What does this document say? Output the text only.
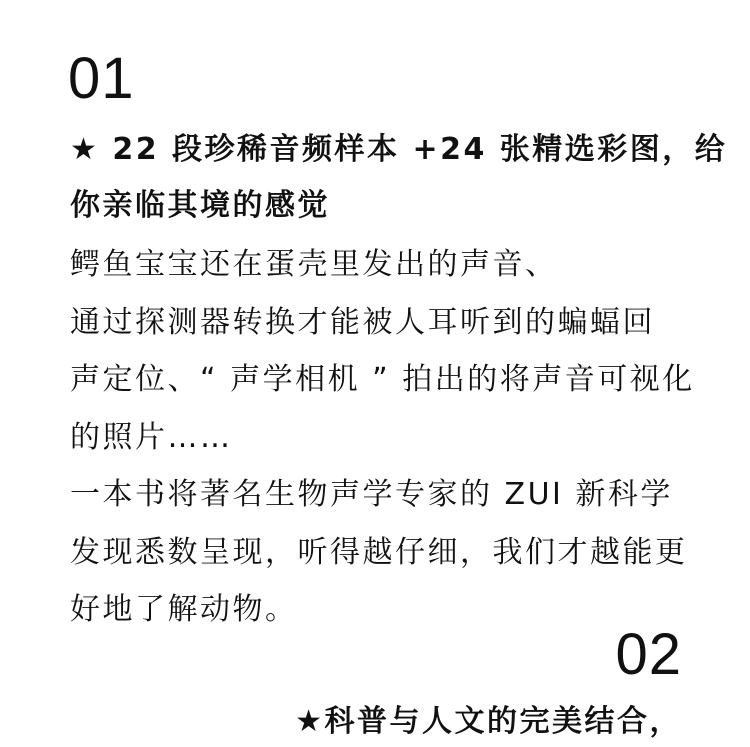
01
★ 22 段珍稀音频样本 +24 张精选彩图，给
你亲临其境的感觉
鳄鱼宝宝还在蛋壳里发出的声音、
通过探测器转换才能被人耳听到的蝙蝠回
声定位、“ 声学相机 ” 拍出的将声音可视化
的照片……
一本书将著名生物声学专家的 ZUI 新科学
发现悉数呈现，听得越仔细，我们才越能更
好地了解动物。
02
★科普与人文的完美结合，
